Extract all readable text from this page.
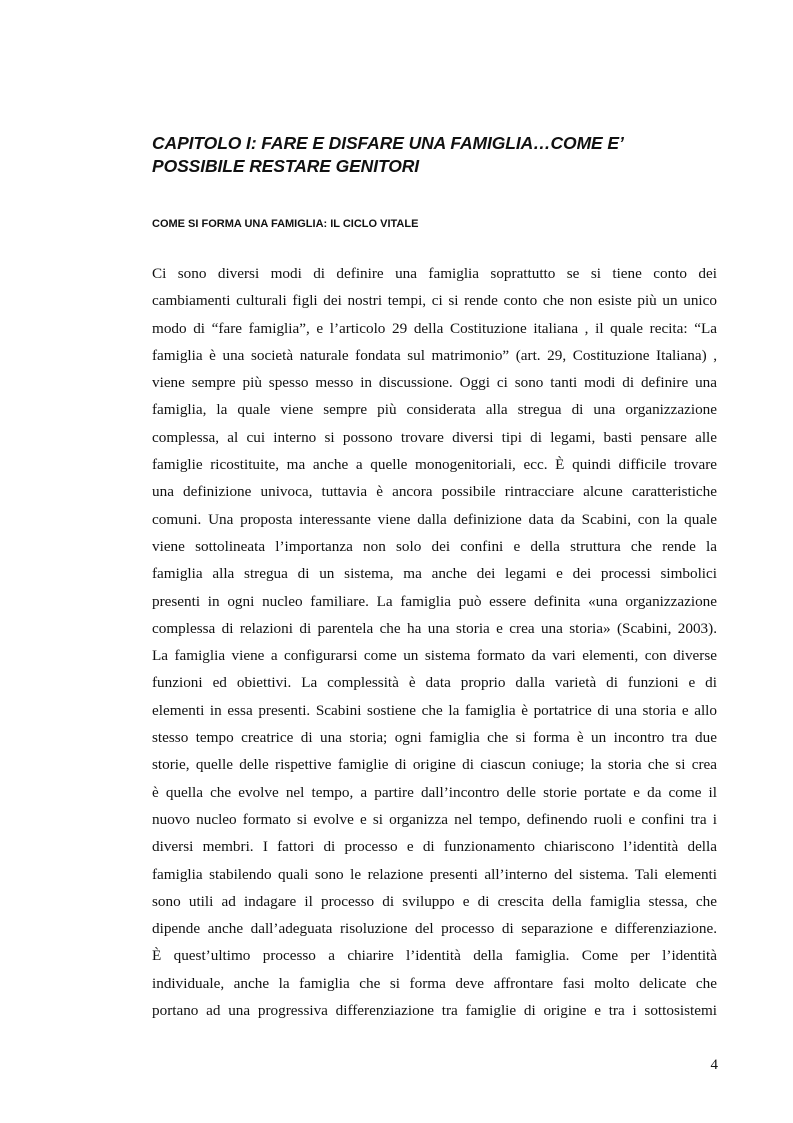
CAPITOLO I: FARE E DISFARE UNA FAMIGLIA…COME E’
POSSIBILE RESTARE GENITORI
COME SI FORMA UNA FAMIGLIA: IL CICLO VITALE
Ci sono diversi modi di definire una famiglia soprattutto se si tiene conto dei
cambiamenti culturali figli dei nostri tempi, ci si rende conto che non esiste più un unico
modo di “fare famiglia”, e l’articolo 29 della Costituzione italiana , il quale recita: “La
famiglia è una società naturale fondata sul matrimonio” (art. 29, Costituzione Italiana) ,
viene sempre più spesso messo in discussione. Oggi ci sono tanti modi di definire una
famiglia, la quale viene sempre più considerata alla stregua di una organizzazione
complessa, al cui interno si possono trovare diversi tipi di legami, basti pensare alle
famiglie ricostituite, ma anche a quelle monogenitoriali, ecc. È quindi difficile trovare
una definizione univoca, tuttavia è ancora possibile rintracciare alcune caratteristiche
comuni. Una proposta interessante viene dalla definizione data da Scabini, con la quale
viene sottolineata l’importanza non solo dei confini e della struttura che rende la
famiglia alla stregua di un sistema, ma anche dei legami e dei processi simbolici
presenti in ogni nucleo familiare. La famiglia può essere definita «una organizzazione
complessa di relazioni di parentela che ha una storia e crea una storia» (Scabini, 2003).
La famiglia viene a configurarsi come un sistema formato da vari elementi, con diverse
funzioni ed obiettivi. La complessità è data proprio dalla varietà di funzioni e di
elementi in essa presenti. Scabini sostiene che la famiglia è portatrice di una storia e allo
stesso tempo creatrice di una storia; ogni famiglia che si forma è un incontro tra due
storie, quelle delle rispettive famiglie di origine di ciascun coniuge; la storia che si crea
è quella che evolve nel tempo, a partire dall’incontro delle storie portate e da come il
nuovo nucleo formato si evolve e si organizza nel tempo, definendo ruoli e confini tra i
diversi membri. I fattori di processo e di funzionamento chiariscono l’identità della
famiglia stabilendo quali sono le relazione presenti all’interno del sistema. Tali elementi
sono utili ad indagare il processo di sviluppo e di crescita della famiglia stessa, che
dipende anche dall’adeguata risoluzione del processo di separazione e differenziazione.
È quest’ultimo processo a chiarire l’identità della famiglia. Come per l’identità
individuale, anche la famiglia che si forma deve affrontare fasi molto delicate che
portano ad una progressiva differenziazione tra famiglie di origine e tra i sottosistemi
4
